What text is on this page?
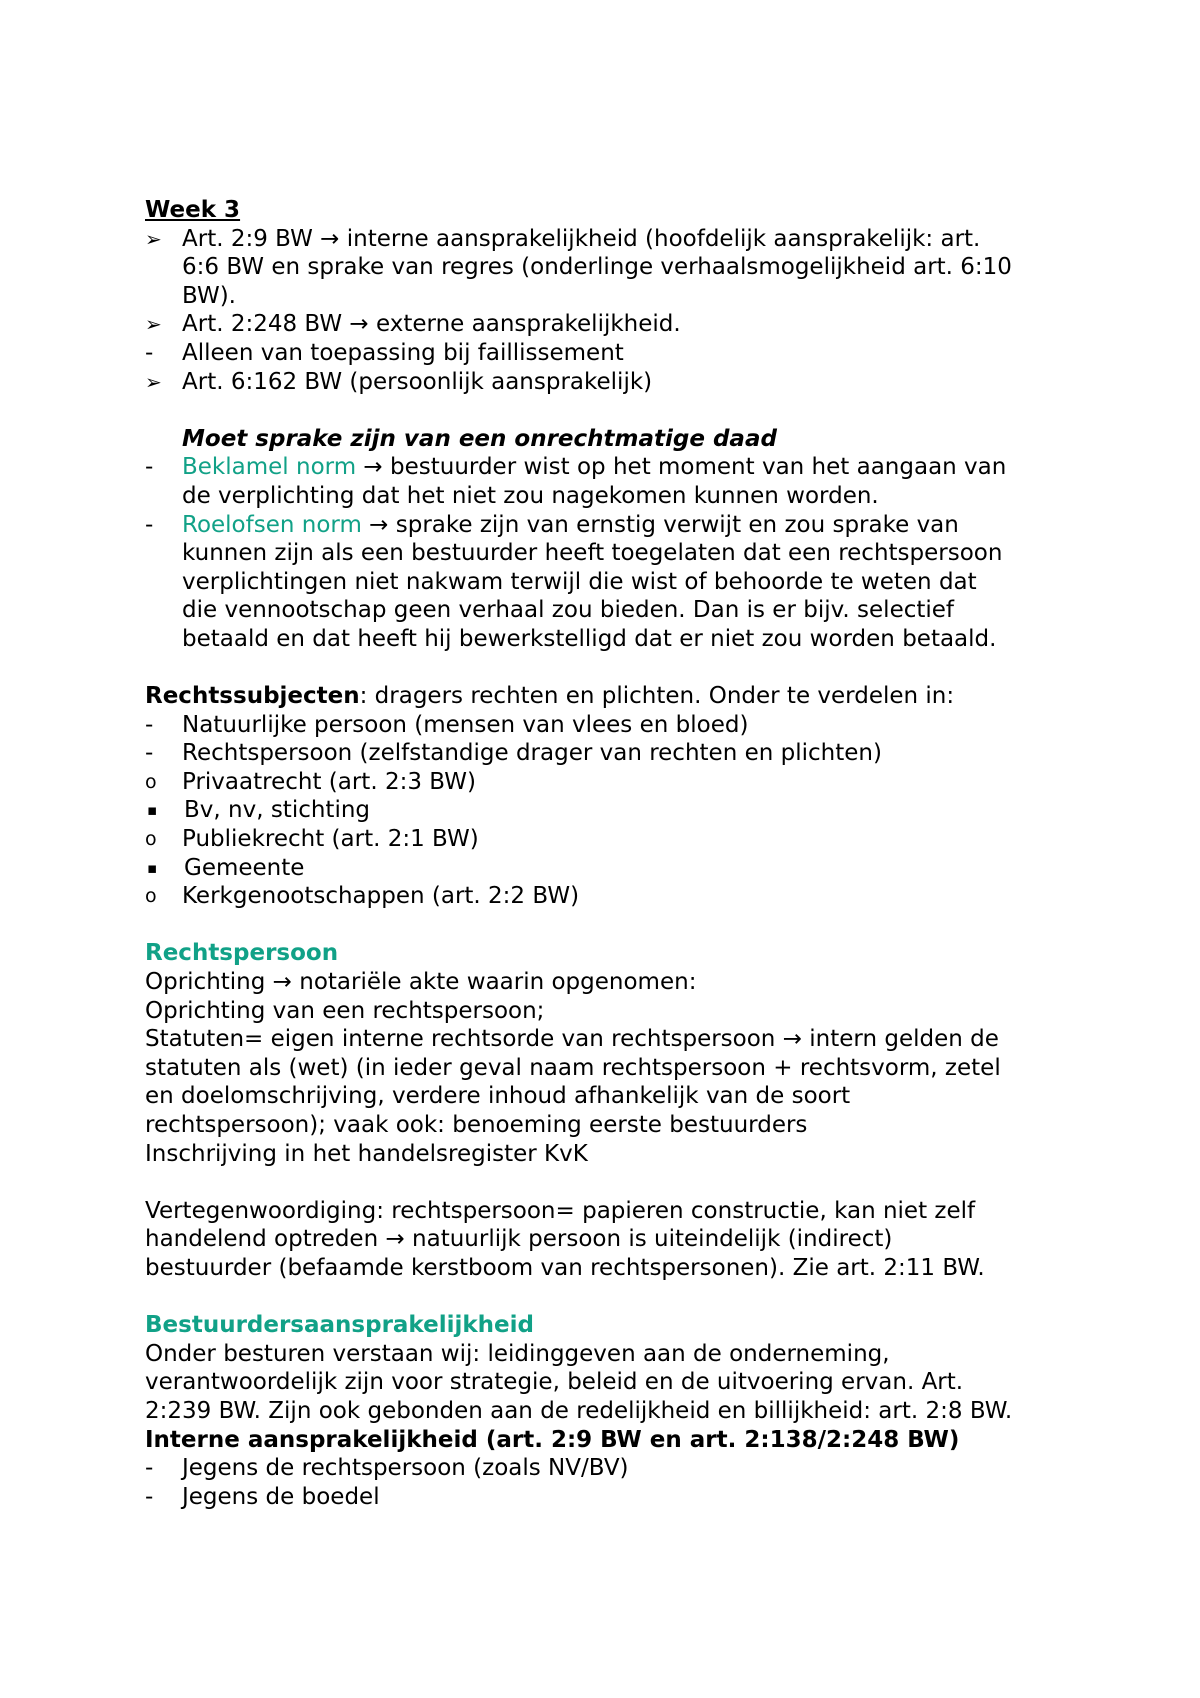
Week 3
➢ Art. 2:9 BW → interne aansprakelijkheid (hoofdelijk aansprakelijk: art.
6:6 BW en sprake van regres (onderlinge verhaalsmogelijkheid art. 6:10
BW).
➢ Art. 2:248 BW → externe aansprakelijkheid.
-	Alleen van toepassing bij faillissement
➢ Art. 6:162 BW (persoonlijk aansprakelijk)
Moet sprake zijn van een onrechtmatige daad
-	Beklamel norm → bestuurder wist op het moment van het aangaan van
de verplichting dat het niet zou nagekomen kunnen worden.
-	Roelofsen norm → sprake zijn van ernstig verwijt en zou sprake van
kunnen zijn als een bestuurder heeft toegelaten dat een rechtspersoon
verplichtingen niet nakwam terwijl die wist of behoorde te weten dat
die vennootschap geen verhaal zou bieden. Dan is er bijv. selectief
betaald en dat heeft hij bewerkstelligd dat er niet zou worden betaald.
Rechtssubjecten: dragers rechten en plichten. Onder te verdelen in:
-	Natuurlijke persoon (mensen van vlees en bloed)
-	Rechtspersoon (zelfstandige drager van rechten en plichten)
o	Privaatrecht (art. 2:3 BW)
▪	Bv, nv, stichting
o	Publiekrecht (art. 2:1 BW)
▪	Gemeente
o	Kerkgenootschappen (art. 2:2 BW)
Rechtspersoon
Oprichting → notariële akte waarin opgenomen:
Oprichting van een rechtspersoon;
Statuten= eigen interne rechtsorde van rechtspersoon → intern gelden de
statuten als (wet) (in ieder geval naam rechtspersoon + rechtsvorm, zetel
en doelomschrijving, verdere inhoud afhankelijk van de soort
rechtspersoon); vaak ook: benoeming eerste bestuurders
Inschrijving in het handelsregister KvK
Vertegenwoordiging: rechtspersoon= papieren constructie, kan niet zelf
handelend optreden → natuurlijk persoon is uiteindelijk (indirect)
bestuurder (befaamde kerstboom van rechtspersonen). Zie art. 2:11 BW.
Bestuurdersaansprakelijkheid
Onder besturen verstaan wij: leidinggeven aan de onderneming,
verantwoordelijk zijn voor strategie, beleid en de uitvoering ervan. Art.
2:239 BW. Zijn ook gebonden aan de redelijkheid en billijkheid: art. 2:8 BW.
Interne aansprakelijkheid (art. 2:9 BW en art. 2:138/2:248 BW)
-	Jegens de rechtspersoon (zoals NV/BV)
-	Jegens de boedel
